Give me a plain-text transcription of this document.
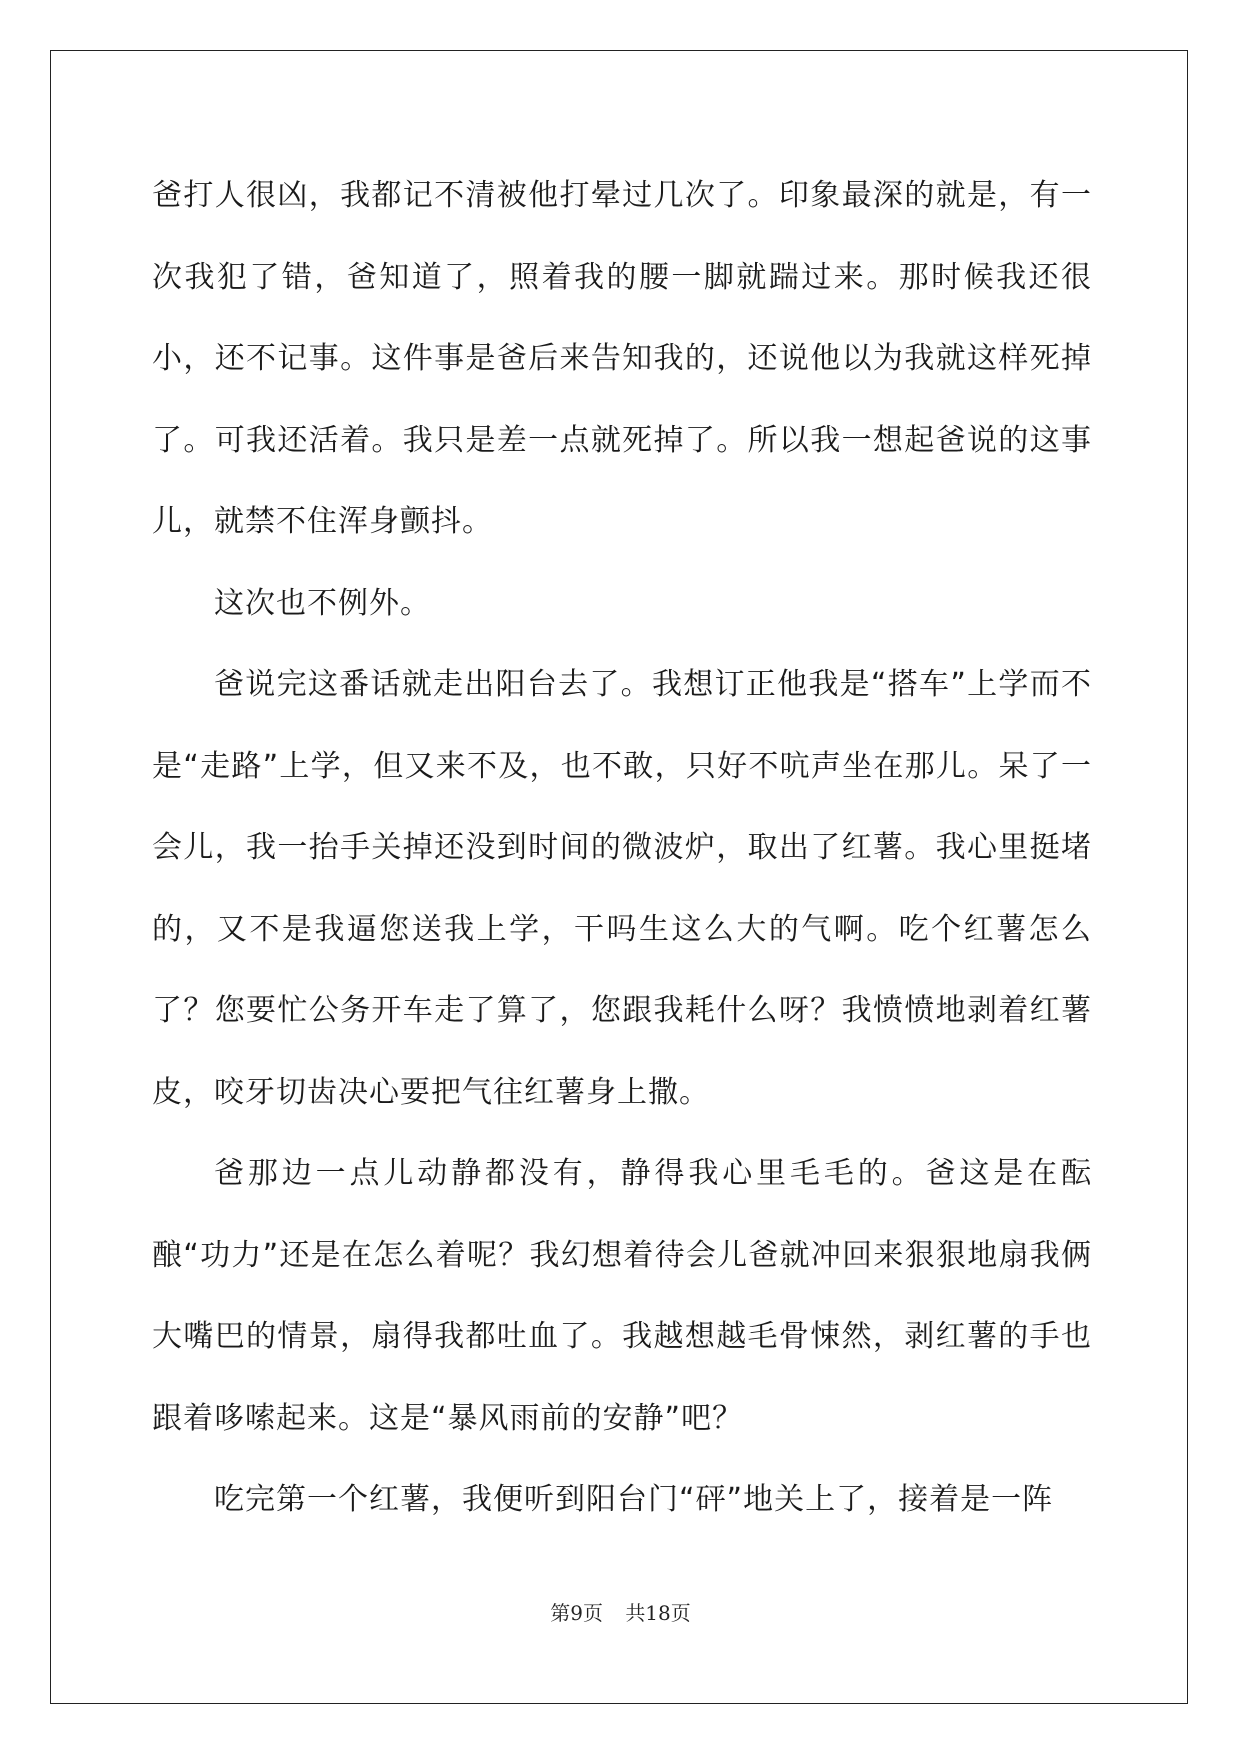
爸打人很凶，我都记不清被他打晕过几次了。印象最深的就是，有一次我犯了错，爸知道了，照着我的腰一脚就踹过来。那时候我还很小，还不记事。这件事是爸后来告知我的，还说他以为我就这样死掉了。可我还活着。我只是差一点就死掉了。所以我一想起爸说的这事儿，就禁不住浑身颤抖。

这次也不例外。

爸说完这番话就走出阳台去了。我想订正他我是“搭车”上学而不是“走路”上学，但又来不及，也不敢，只好不吭声坐在那儿。呆了一会儿，我一抬手关掉还没到时间的微波炉，取出了红薯。我心里挺堵的，又不是我逼您送我上学，干吗生这么大的气啊。吃个红薯怎么了？您要忙公务开车走了算了，您跟我耗什么呀？我愤愤地剥着红薯皮，咬牙切齿决心要把气往红薯身上撒。

爸那边一点儿动静都没有，静得我心里毛毛的。爸这是在酝酿“功力”还是在怎么着呢？我幻想着待会儿爸就冲回来狠狠地扇我俩大嘴巴的情景，扇得我都吐血了。我越想越毛骨悚然，剥红薯的手也跟着哆嗦起来。这是“暴风雨前的安静”吧？

吃完第一个红薯，我便听到阳台门“砰”地关上了，接着是一阵

第9页 共18页
